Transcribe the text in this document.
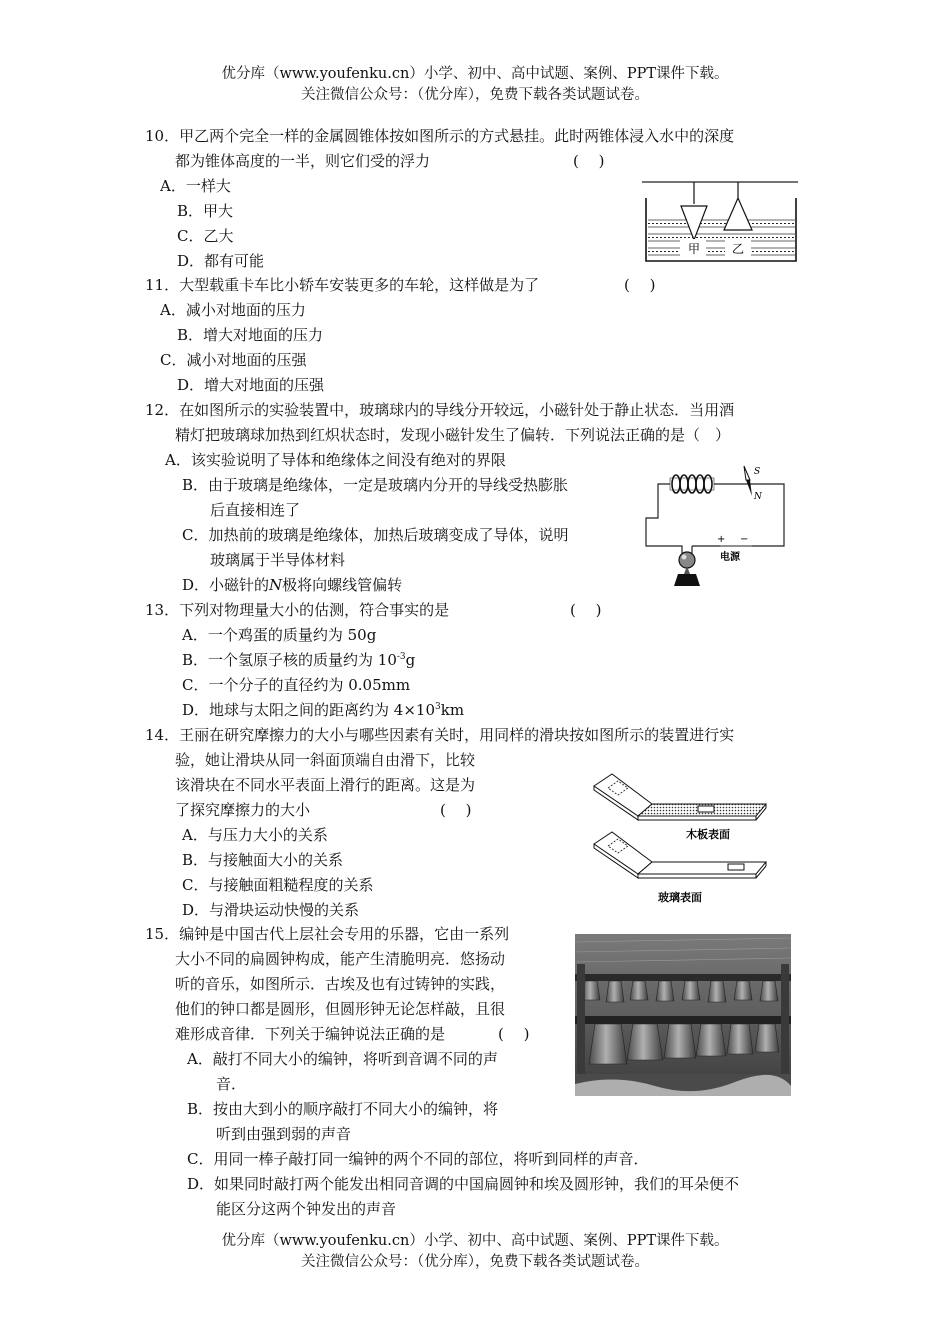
优分库（www.youfenku.cn）小学、初中、高中试题、案例、PPT课件下载。
关注微信公众号：（优分库），免费下载各类试题试卷。
10．甲乙两个完全一样的金属圆锥体按如图所示的方式悬挂。此时两锥体浸入水中的深度
都为锥体高度的一半，则它们受的浮力	(　 )
A．一样大
B．甲大
C．乙大
D．都有可能
甲	乙
11．大型载重卡车比小轿车安装更多的车轮，这样做是为了	(　 )
A．减小对地面的压力
B．增大对地面的压力
C．减小对地面的压强
D．增大对地面的压强
12．在如图所示的实验装置中，玻璃球内的导线分开较远，小磁针处于静止状态．当用酒
精灯把玻璃球加热到红炽状态时，发现小磁针发生了偏转．下列说法正确的是（　）
A．该实验说明了导体和绝缘体之间没有绝对的界限
B．由于玻璃是绝缘体，一定是玻璃内分开的导线受热膨胀
后直接相连了
C．加热前的玻璃是绝缘体，加热后玻璃变成了导体，说明
玻璃属于半导体材料
D．小磁针的N极将向螺线管偏转
S
N
+ −
电源
13．下列对物理量大小的估测，符合事实的是	(　 )
A．一个鸡蛋的质量约为 50g
B．一个氢原子核的质量约为 $10^{-3}g$
C．一个分子的直径约为 0.05mm
D．地球与太阳之间的距离约为 $4\times 10^3km$
14．王丽在研究摩擦力的大小与哪些因素有关时，用同样的滑块按如图所示的装置进行实
验，她让滑块从同一斜面顶端自由滑下，比较
该滑块在不同水平表面上滑行的距离。这是为
了探究摩擦力的大小	(　 )
A．与压力大小的关系
B．与接触面大小的关系
C．与接触面粗糙程度的关系
D．与滑块运动快慢的关系
木板表面
玻璃表面
15．编钟是中国古代上层社会专用的乐器，它由一系列
大小不同的扁圆钟构成，能产生清脆明亮．悠扬动
听的音乐，如图所示．古埃及也有过铸钟的实践，
他们的钟口都是圆形，但圆形钟无论怎样敲，且很
难形成音律．下列关于编钟说法正确的是	(　 )
A．敲打不同大小的编钟，将听到音调不同的声
音．
B．按由大到小的顺序敲打不同大小的编钟，将
听到由强到弱的声音
C．用同一棒子敲打同一编钟的两个不同的部位，将听到同样的声音．
D．如果同时敲打两个能发出相同音调的中国扁圆钟和埃及圆形钟，我们的耳朵便不
能区分这两个钟发出的声音
优分库（www.youfenku.cn）小学、初中、高中试题、案例、PPT课件下载。
关注微信公众号：（优分库），免费下载各类试题试卷。
